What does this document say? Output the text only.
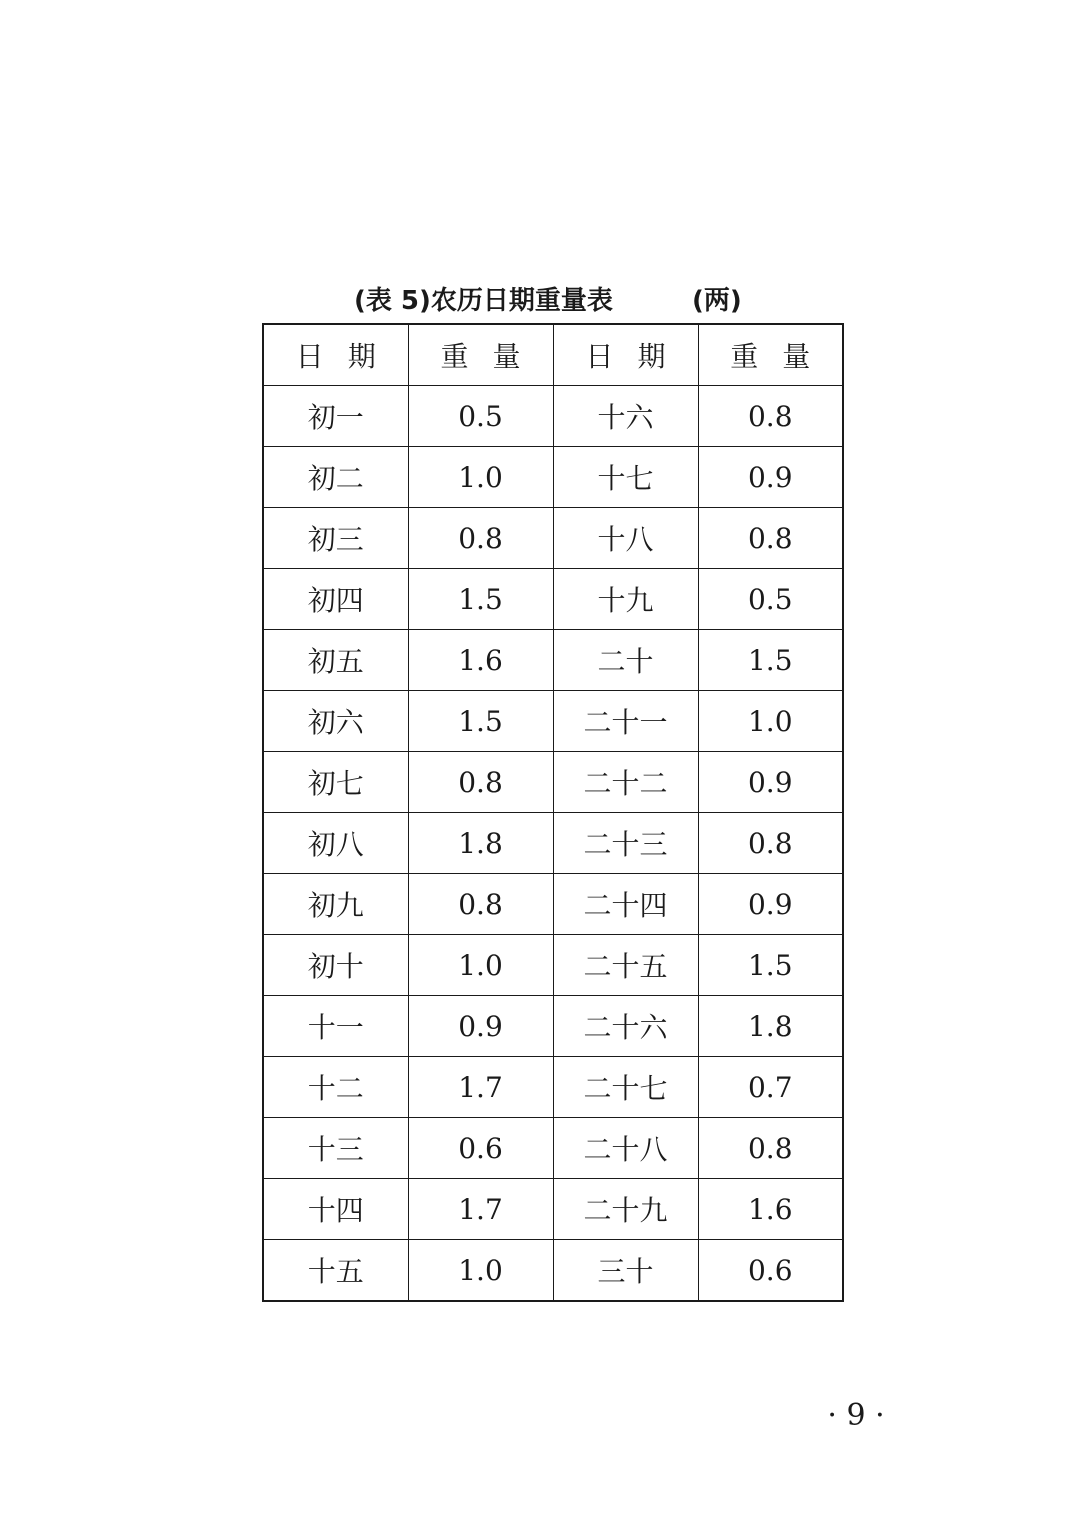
(表 5)农历日期重量表	(两)
日期	重量	日期	重量
初一	0.5	十六	0.8
初二	1.0	十七	0.9
初三	0.8	十八	0.8
初四	1.5	十九	0.5
初五	1.6	二十	1.5
初六	1.5	二十一	1.0
初七	0.8	二十二	0.9
初八	1.8	二十三	0.8
初九	0.8	二十四	0.9
初十	1.0	二十五	1.5
十一	0.9	二十六	1.8
十二	1.7	二十七	0.7
十三	0.6	二十八	0.8
十四	1.7	二十九	1.6
十五	1.0	三十	0.6
· 9 ·
